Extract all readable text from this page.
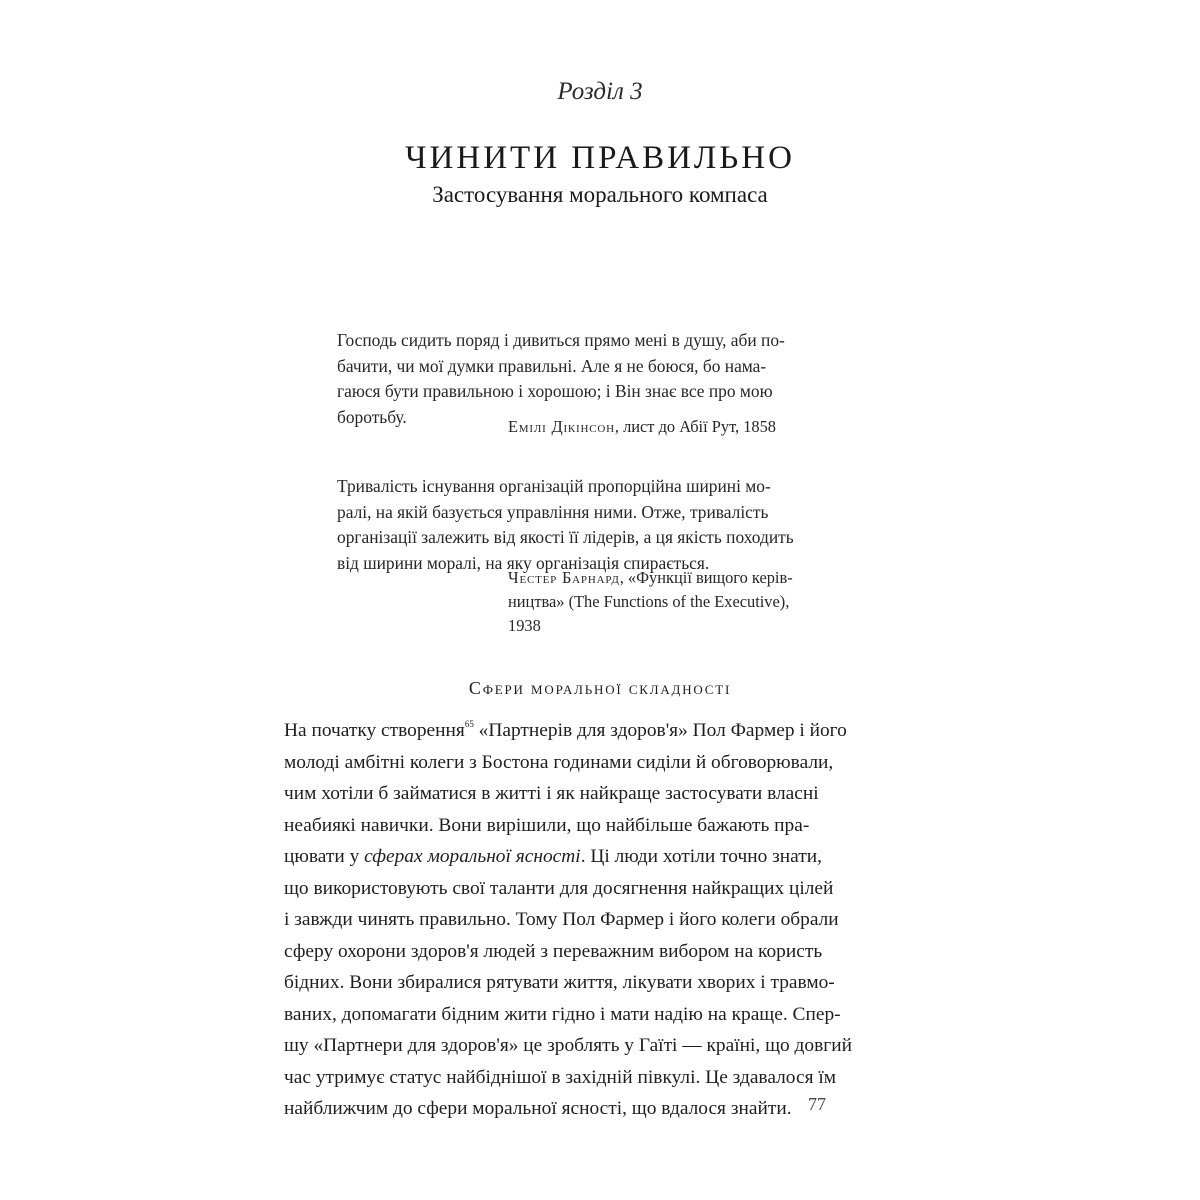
Розділ 3
ЧИНИТИ ПРАВИЛЬНО
Застосування морального компаса
Господь сидить поряд і дивиться прямо мені в душу, аби по-
бачити, чи мої думки правильні. Але я не боюся, бо нама-
гаюся бути правильною і хорошою; і Він знає все про мою
боротьбу.	Емілі Дікінсон, лист до Абії Рут, 1858
Тривалість існування організацій пропорційна ширині мо-
ралі, на якій базується управління ними. Отже, тривалість
організації залежить від якості її лідерів, а ця якість походить
від ширини моралі, на яку організація спирається.
Честер Барнард, «Функції вищого керів-
ництва» (The Functions of the Executive),
1938
Сфери моральної складності
На початку створення$^{65}$ «Партнерів для здоров'я» Пол Фармер і його
молоді амбітні колеги з Бостона годинами сиділи й обговорювали,
чим хотіли б займатися в житті і як найкраще застосувати власні
неабиякі навички. Вони вирішили, що найбільше бажають пра-
цювати у сферах моральної ясності. Ці люди хотіли точно знати,
що використовують свої таланти для досягнення найкращих цілей
і завжди чинять правильно. Тому Пол Фармер і його колеги обрали
сферу охорони здоров'я людей з переважним вибором на користь
бідних. Вони збиралися рятувати життя, лікувати хворих і травмо-
ваних, допомагати бідним жити гідно і мати надію на краще. Спер-
шу «Партнери для здоров'я» це зроблять у Гаїті — країні, що довгий
час утримує статус найбіднішої в західній півкулі. Це здавалося їм
найближчим до сфери моральної ясності, що вдалося знайти. 77
